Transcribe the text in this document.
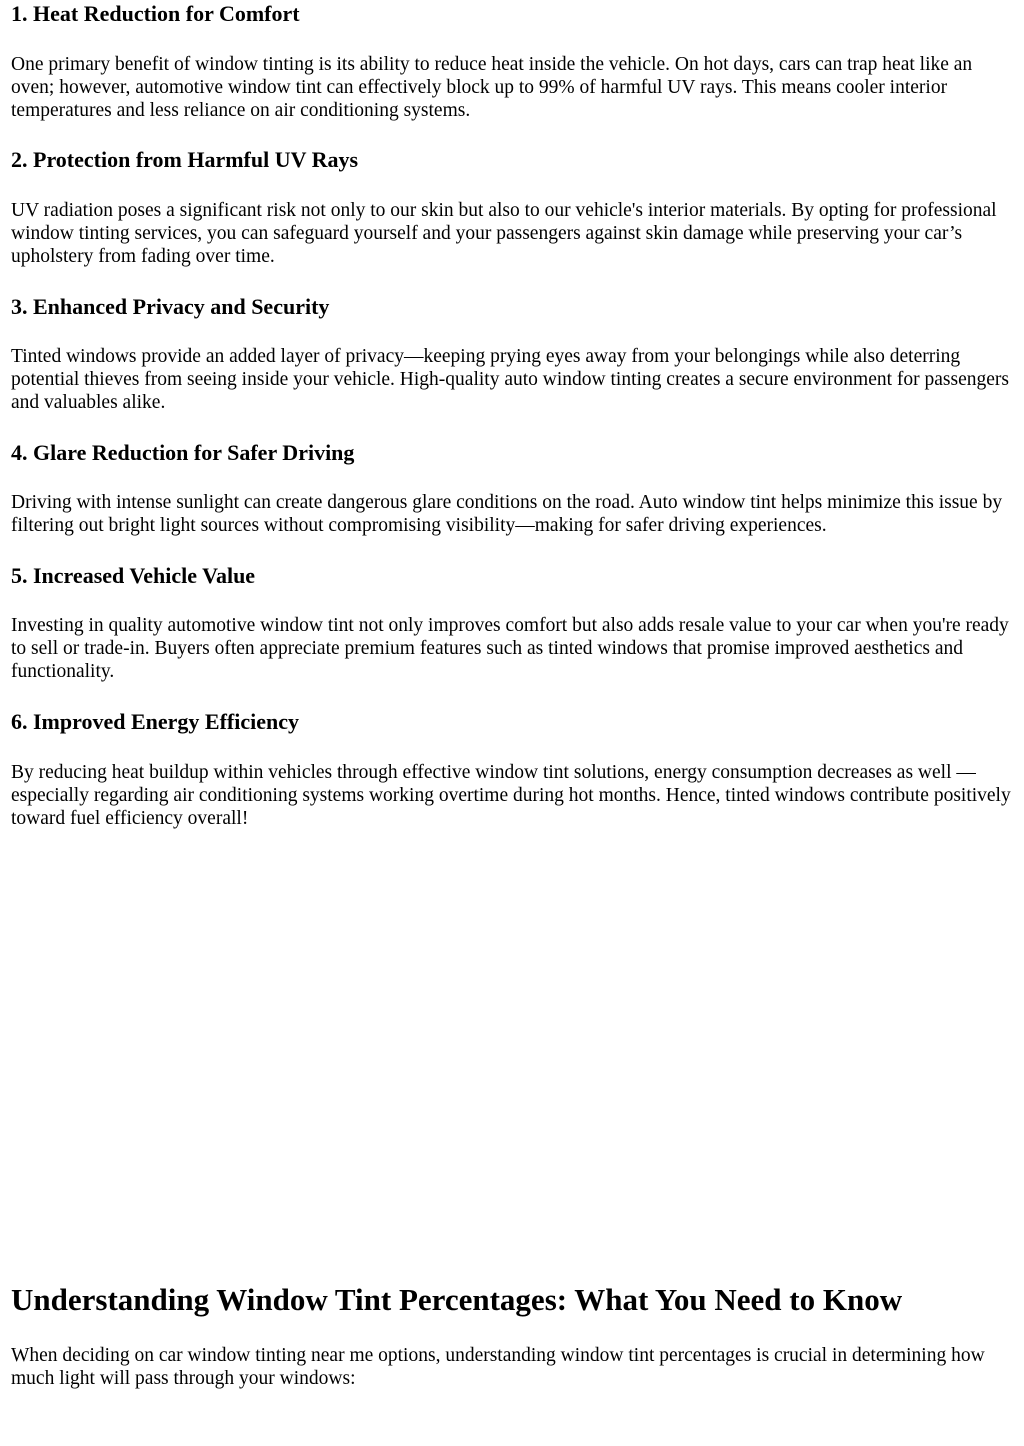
1. Heat Reduction for Comfort

One primary benefit of window tinting is its ability to reduce heat inside the vehicle. On hot days, cars can trap heat like an oven; however, automotive window tint can effectively block up to 99% of harmful UV rays. This means cooler interior temperatures and less reliance on air conditioning systems.

2. Protection from Harmful UV Rays

UV radiation poses a significant risk not only to our skin but also to our vehicle's interior materials. By opting for professional window tinting services, you can safeguard yourself and your passengers against skin damage while preserving your car’s upholstery from fading over time.

3. Enhanced Privacy and Security

Tinted windows provide an added layer of privacy—keeping prying eyes away from your belongings while also deterring potential thieves from seeing inside your vehicle. High-quality auto window tinting creates a secure environment for passengers and valuables alike.

4. Glare Reduction for Safer Driving

Driving with intense sunlight can create dangerous glare conditions on the road. Auto window tint helps minimize this issue by filtering out bright light sources without compromising visibility—making for safer driving experiences.

5. Increased Vehicle Value

Investing in quality automotive window tint not only improves comfort but also adds resale value to your car when you're ready to sell or trade-in. Buyers often appreciate premium features such as tinted windows that promise improved aesthetics and functionality.

6. Improved Energy Efficiency

By reducing heat buildup within vehicles through effective window tint solutions, energy consumption decreases as well —especially regarding air conditioning systems working overtime during hot months. Hence, tinted windows contribute positively toward fuel efficiency overall!

Understanding Window Tint Percentages: What You Need to Know

When deciding on car window tinting near me options, understanding window tint percentages is crucial in determining how much light will pass through your windows:
